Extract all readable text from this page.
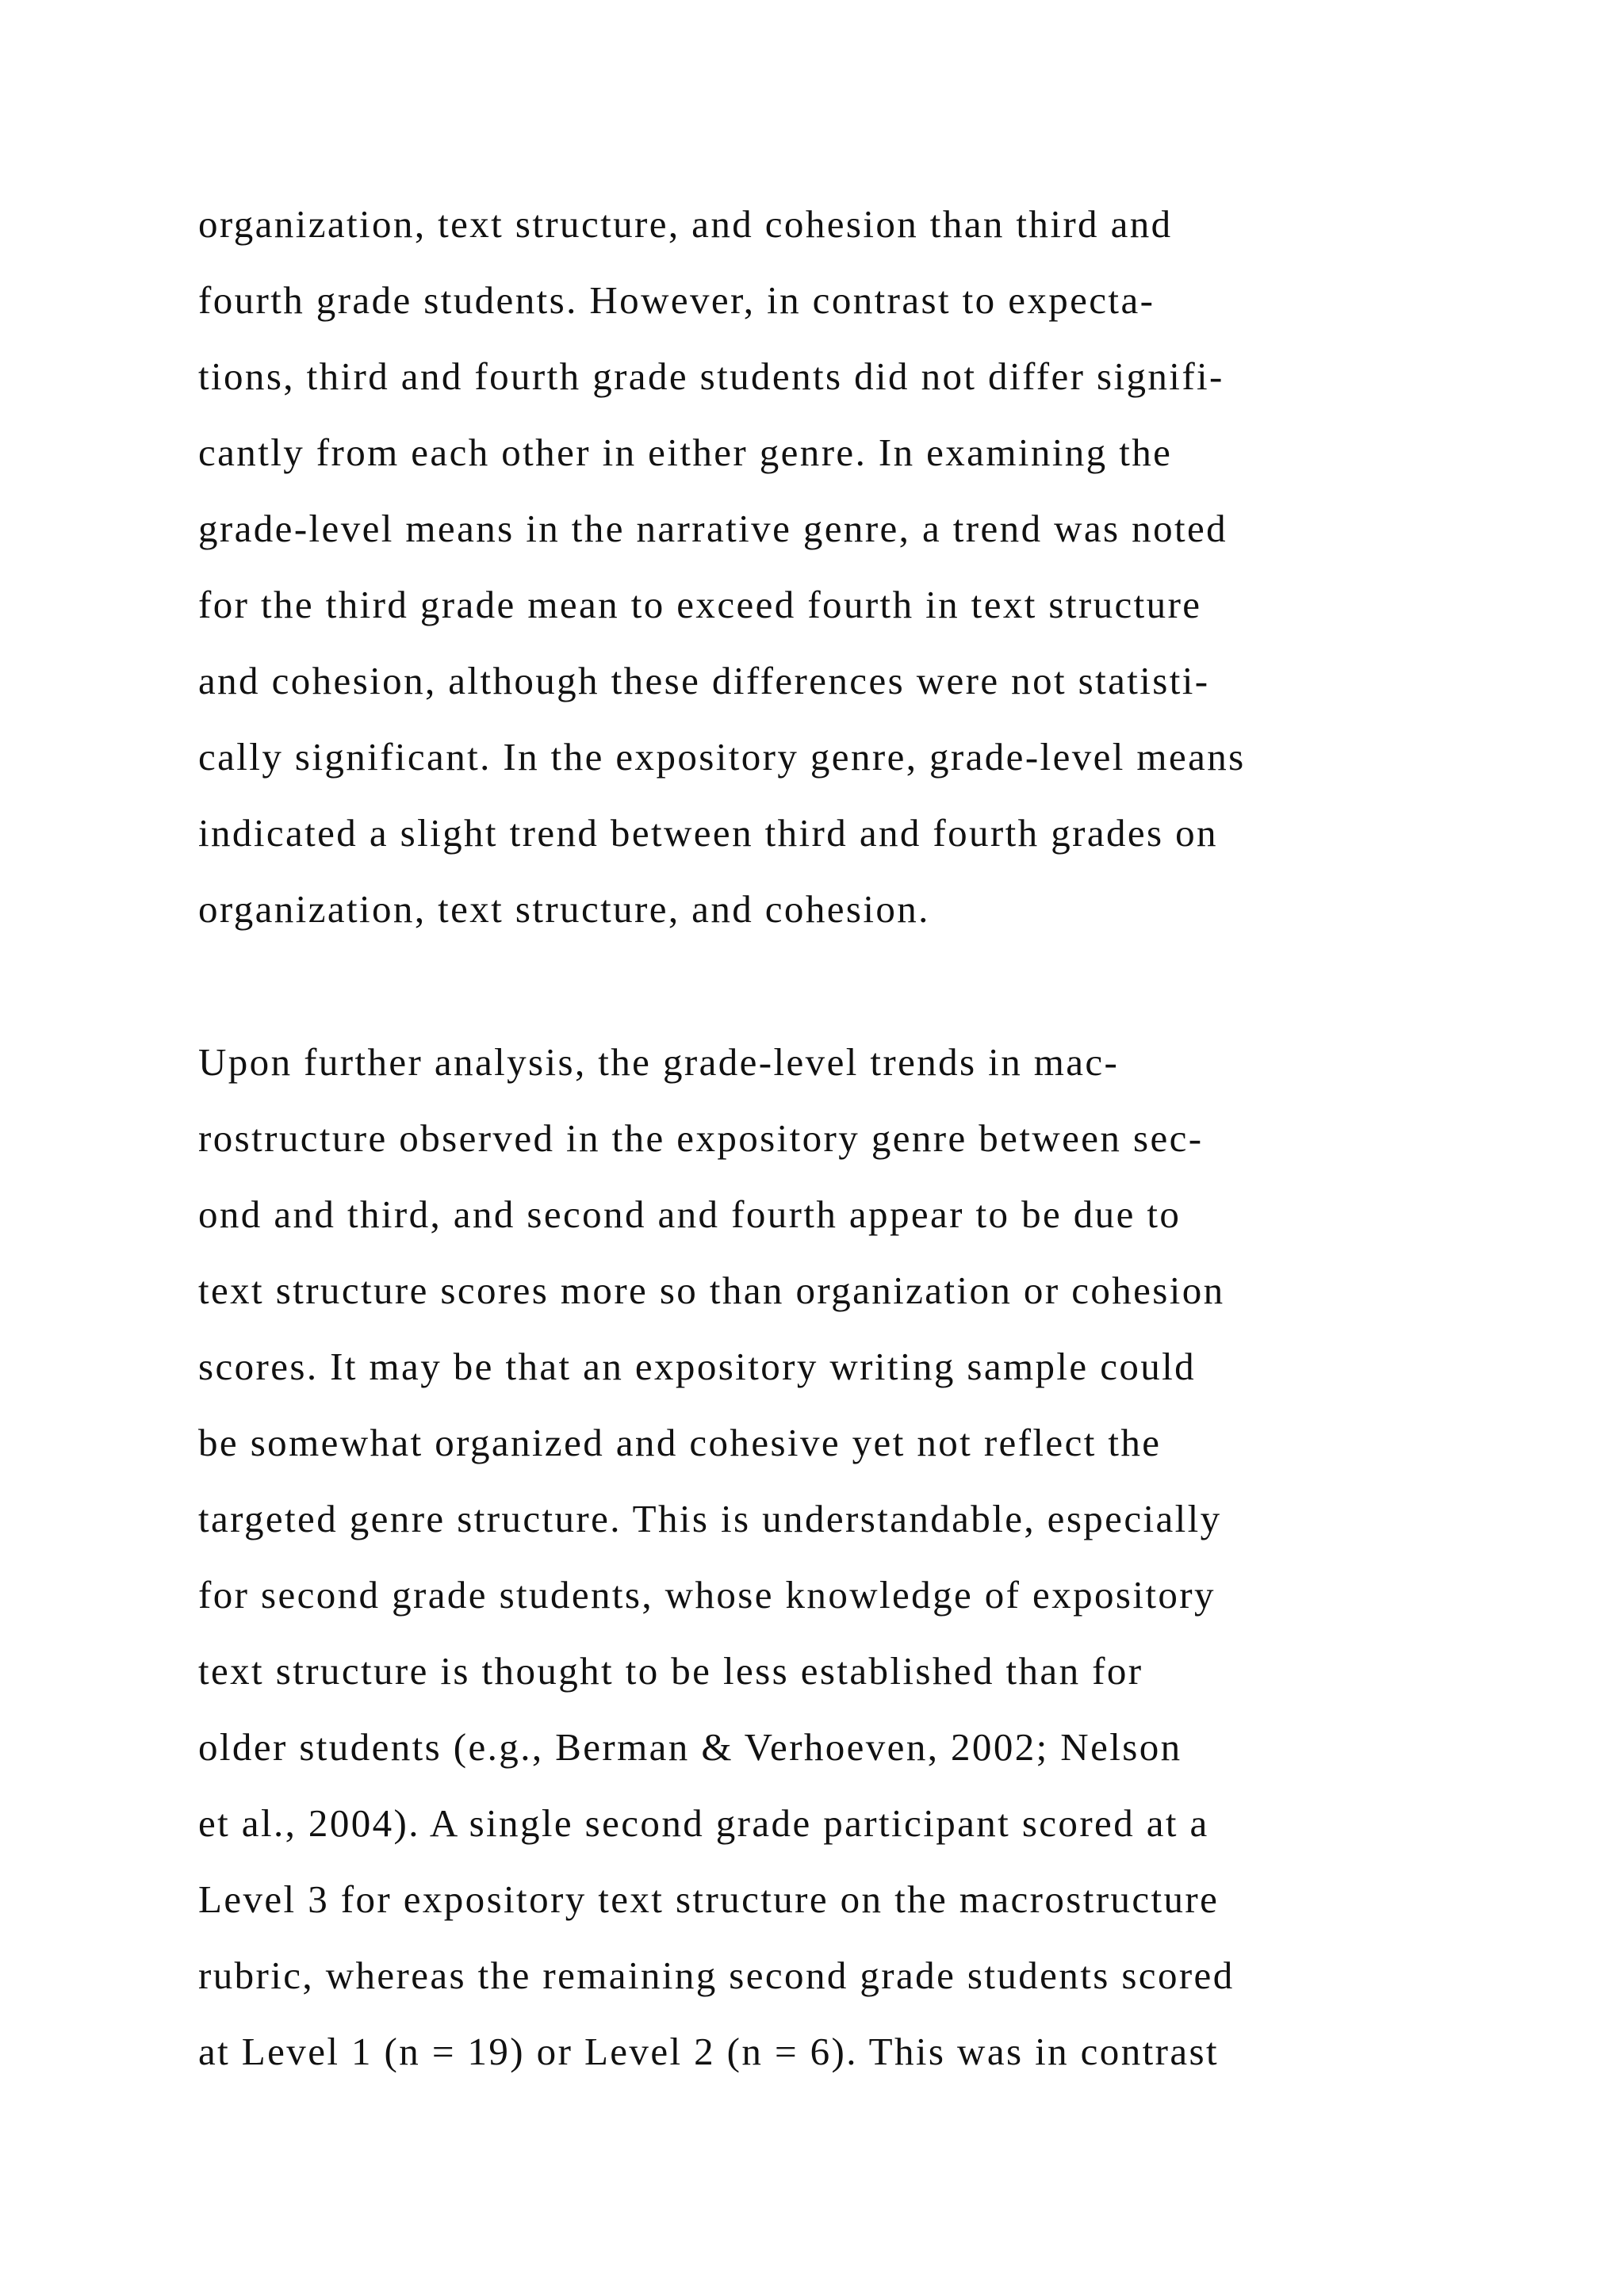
organization, text structure, and cohesion than third and
fourth grade students. However, in contrast to expecta-
tions, third and fourth grade students did not differ signifi-
cantly from each other in either genre. In examining the
grade-level means in the narrative genre, a trend was noted
for the third grade mean to exceed fourth in text structure
and cohesion, although these differences were not statisti-
cally significant. In the expository genre, grade-level means
indicated a slight trend between third and fourth grades on
organization, text structure, and cohesion.
Upon further analysis, the grade-level trends in mac-
rostructure observed in the expository genre between sec-
ond and third, and second and fourth appear to be due to
text structure scores more so than organization or cohesion
scores. It may be that an expository writing sample could
be somewhat organized and cohesive yet not reflect the
targeted genre structure. This is understandable, especially
for second grade students, whose knowledge of expository
text structure is thought to be less established than for
older students (e.g., Berman & Verhoeven, 2002; Nelson
et al., 2004). A single second grade participant scored at a
Level 3 for expository text structure on the macrostructure
rubric, whereas the remaining second grade students scored
at Level 1 (n = 19) or Level 2 (n = 6). This was in contrast
